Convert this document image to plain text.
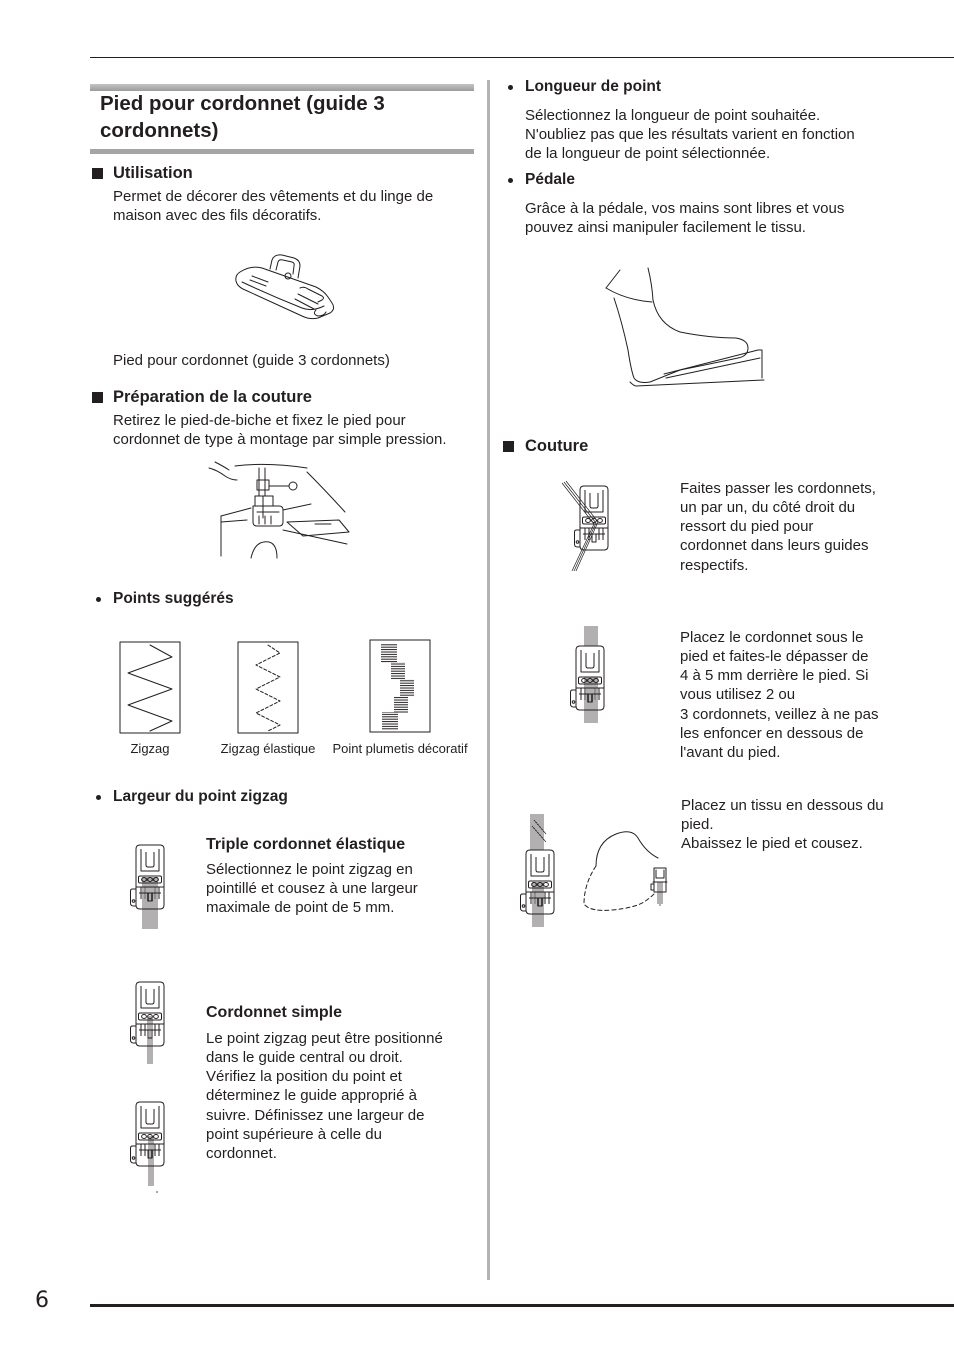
6
Pied pour cordonnet (guide 3
cordonnets)
Utilisation
Permet de décorer des vêtements et du linge de
maison avec des fils décoratifs.
Pied pour cordonnet (guide 3 cordonnets)
Préparation de la couture
Retirez le pied-de-biche et fixez le pied pour
cordonnet de type à montage par simple pression.
Points suggérés
Zigzag	Zigzag élastique	Point plumetis décoratif
Largeur du point zigzag
Triple cordonnet élastique
Sélectionnez le point zigzag en
pointillé et cousez à une largeur
maximale de point de 5 mm.
Cordonnet simple
Le point zigzag peut être positionné
dans le guide central ou droit.
Vérifiez la position du point et
déterminez le guide approprié à
suivre. Définissez une largeur de
point supérieure à celle du
cordonnet.
Longueur de point
Sélectionnez la longueur de point souhaitée.
N'oubliez pas que les résultats varient en fonction
de la longueur de point sélectionnée.
Pédale
Grâce à la pédale, vos mains sont libres et vous
pouvez ainsi manipuler facilement le tissu.
Couture
Faites passer les cordonnets,
un par un, du côté droit du
ressort du pied pour
cordonnet dans leurs guides
respectifs.
Placez le cordonnet sous le
pied et faites-le dépasser de
4 à 5 mm derrière le pied. Si
vous utilisez 2 ou
3 cordonnets, veillez à ne pas
les enfoncer en dessous de
l'avant du pied.
Placez un tissu en dessous du
pied.
Abaissez le pied et cousez.
